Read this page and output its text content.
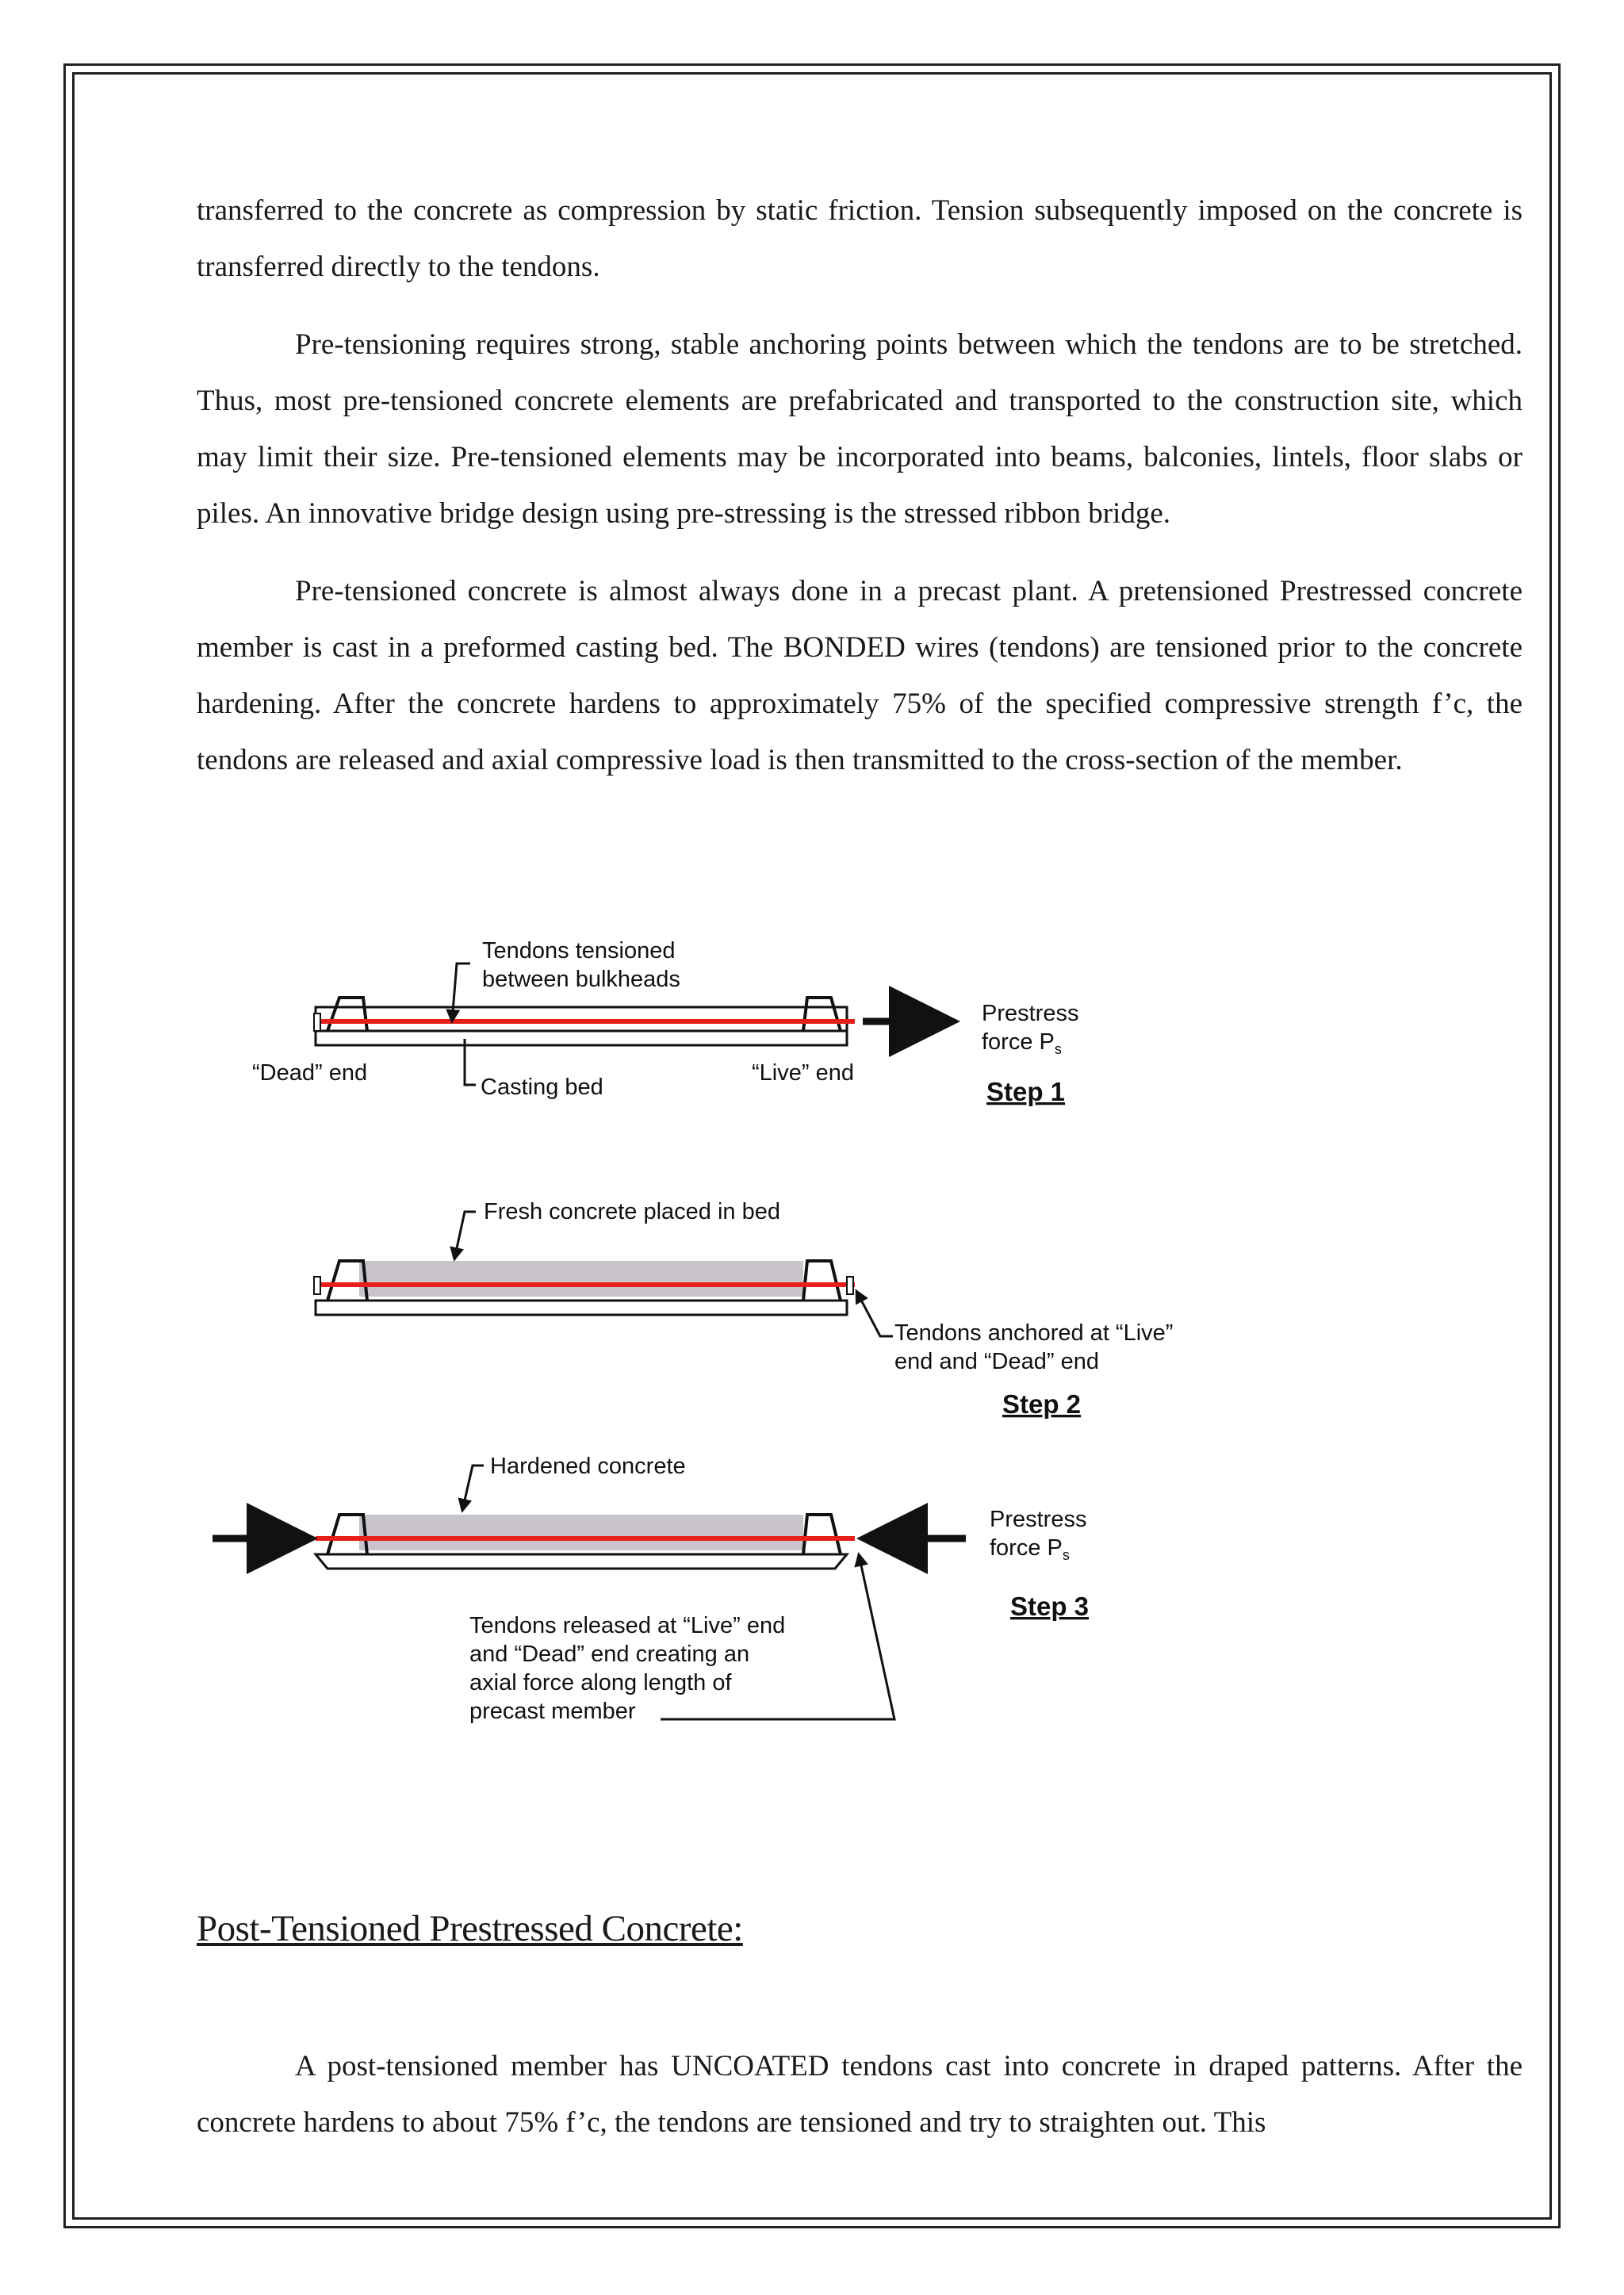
transferred to the concrete as compression by static friction. Tension subsequently imposed on the concrete is transferred directly to the tendons.

Pre-tensioning requires strong, stable anchoring points between which the tendons are to be stretched. Thus, most pre-tensioned concrete elements are prefabricated and transported to the construction site, which may limit their size. Pre-tensioned elements may be incorporated into beams, balconies, lintels, floor slabs or piles. An innovative bridge design using pre-stressing is the stressed ribbon bridge.

Pre-tensioned concrete is almost always done in a precast plant. A pretensioned Prestressed concrete member is cast in a preformed casting bed. The BONDED wires (tendons) are tensioned prior to the concrete hardening. After the concrete hardens to approximately 75% of the specified compressive strength f’c, the tendons are released and axial compressive load is then transmitted to the cross-section of the member.

Tendons tensioned
between bulkheads
“Dead” end
Casting bed
“Live” end
Prestress
force $P_s$
Step 1
Fresh concrete placed in bed
Tendons anchored at “Live”
end and “Dead” end
Step 2
Hardened concrete
Prestress
force $P_s$
Step 3
Tendons released at “Live” end
and “Dead” end creating an
axial force along length of
precast member
Post-Tensioned Prestressed Concrete:

A post-tensioned member has UNCOATED tendons cast into concrete in draped patterns. After the concrete hardens to about 75% f’c, the tendons are tensioned and try to straighten out. This
